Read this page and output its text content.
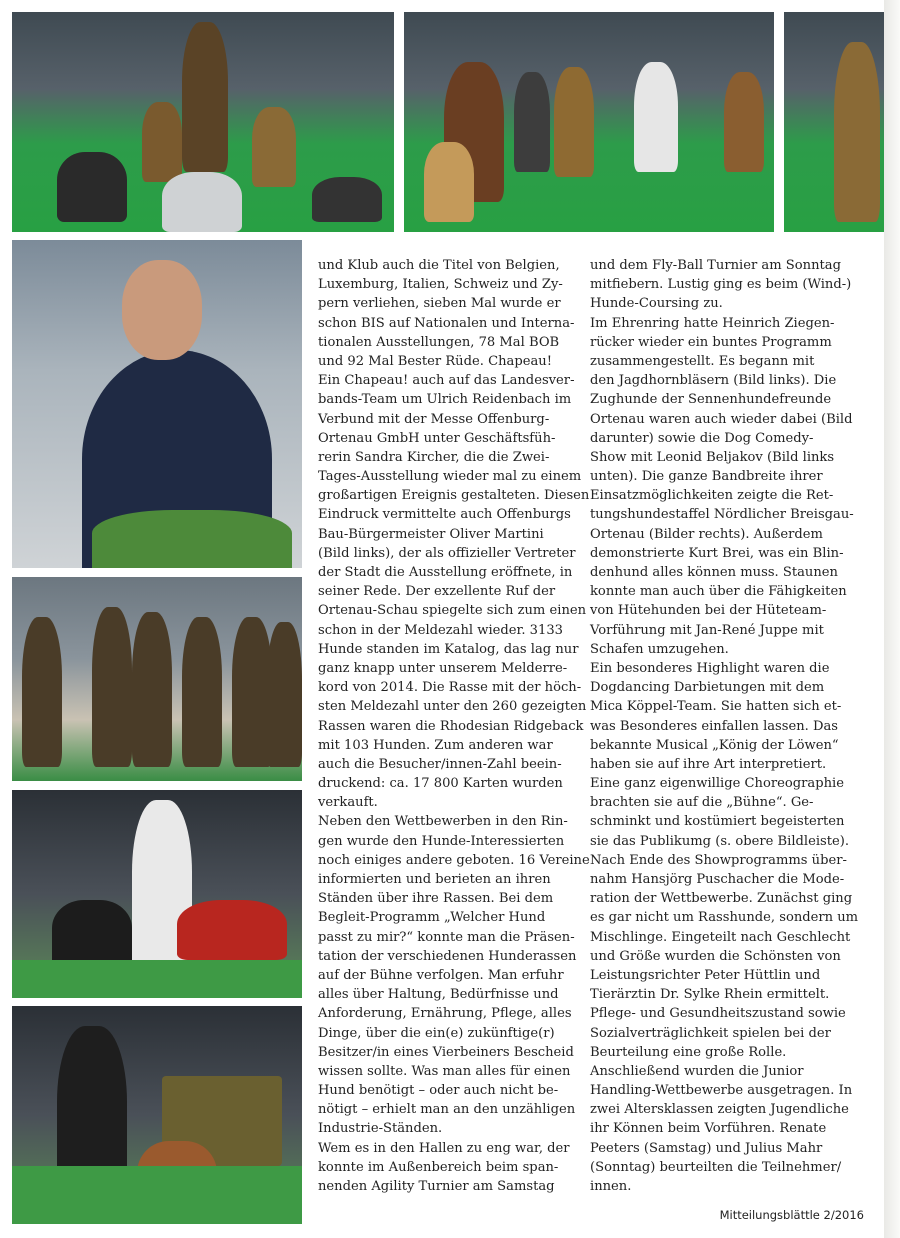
und Klub auch die Titel von Belgien,
Luxemburg, Italien, Schweiz und Zy-
pern verliehen, sieben Mal wurde er
schon BIS auf Nationalen und Interna-
tionalen Ausstellungen, 78 Mal BOB
und 92 Mal Bester Rüde. Chapeau!
Ein Chapeau! auch auf das Landesver-
bands-Team um Ulrich Reidenbach im
Verbund mit der Messe Offenburg-
Ortenau GmbH unter Geschäftsfüh-
rerin Sandra Kircher, die die Zwei-
Tages-Ausstellung wieder mal zu einem
großartigen Ereignis gestalteten. Diesen
Eindruck vermittelte auch Offenburgs
Bau-Bürgermeister Oliver Martini
(Bild links), der als offizieller Vertreter
der Stadt die Ausstellung eröffnete, in
seiner Rede. Der exzellente Ruf der
Ortenau-Schau spiegelte sich zum einen
schon in der Meldezahl wieder. 3133
Hunde standen im Katalog, das lag nur
ganz knapp unter unserem Melderre-
kord von 2014. Die Rasse mit der höch-
sten Meldezahl unter den 260 gezeigten
Rassen waren die Rhodesian Ridgeback
mit 103 Hunden. Zum anderen war
auch die Besucher/innen-Zahl beein-
druckend: ca. 17 800 Karten wurden
verkauft.
Neben den Wettbewerben in den Rin-
gen wurde den Hunde-Interessierten
noch einiges andere geboten. 16 Vereine
informierten und berieten an ihren
Ständen über ihre Rassen. Bei dem
Begleit-Programm „Welcher Hund
passt zu mir?“ konnte man die Präsen-
tation der verschiedenen Hunderassen
auf der Bühne verfolgen. Man erfuhr
alles über Haltung, Bedürfnisse und
Anforderung, Ernährung, Pflege, alles
Dinge, über die ein(e) zukünftige(r)
Besitzer/in eines Vierbeiners Bescheid
wissen sollte. Was man alles für einen
Hund benötigt – oder auch nicht be-
nötigt – erhielt man an den unzähligen
Industrie-Ständen.
Wem es in den Hallen zu eng war, der
konnte im Außenbereich beim span-
nenden Agility Turnier am Samstag
und dem Fly-Ball Turnier am Sonntag
mitfiebern. Lustig ging es beim (Wind-)
Hunde-Coursing zu.
Im Ehrenring hatte Heinrich Ziegen-
rücker wieder ein buntes Programm
zusammengestellt. Es begann mit
den Jagdhornbläsern (Bild links). Die
Zughunde der Sennenhundefreunde
Ortenau waren auch wieder dabei (Bild
darunter) sowie die Dog Comedy-
Show mit Leonid Beljakov (Bild links
unten). Die ganze Bandbreite ihrer
Einsatzmöglichkeiten zeigte die Ret-
tungshundestaffel Nördlicher Breisgau-
Ortenau (Bilder rechts). Außerdem
demonstrierte Kurt Brei, was ein Blin-
denhund alles können muss. Staunen
konnte man auch über die Fähigkeiten
von Hütehunden bei der Hüteteam-
Vorführung mit Jan-René Juppe mit
Schafen umzugehen.
Ein besonderes Highlight waren die
Dogdancing Darbietungen mit dem
Mica Köppel-Team. Sie hatten sich et-
was Besonderes einfallen lassen. Das
bekannte Musical „König der Löwen“
haben sie auf ihre Art interpretiert.
Eine ganz eigenwillige Choreographie
brachten sie auf die „Bühne“. Ge-
schminkt und kostümiert begeisterten
sie das Publikumg (s. obere Bildleiste).
Nach Ende des Showprogramms über-
nahm Hansjörg Puschacher die Mode-
ration der Wettbewerbe. Zunächst ging
es gar nicht um Rasshunde, sondern um
Mischlinge. Eingeteilt nach Geschlecht
und Größe wurden die Schönsten von
Leistungsrichter Peter Hüttlin und
Tierärztin Dr. Sylke Rhein ermittelt.
Pflege- und Gesundheitszustand sowie
Sozialverträglichkeit spielen bei der
Beurteilung eine große Rolle.
Anschließend wurden die Junior
Handling-Wettbewerbe ausgetragen. In
zwei Altersklassen zeigten Jugendliche
ihr Können beim Vorführen. Renate
Peeters (Samstag) und Julius Mahr
(Sonntag) beurteilten die Teilnehmer/
innen.
Mitteilungsblättle 2/2016
